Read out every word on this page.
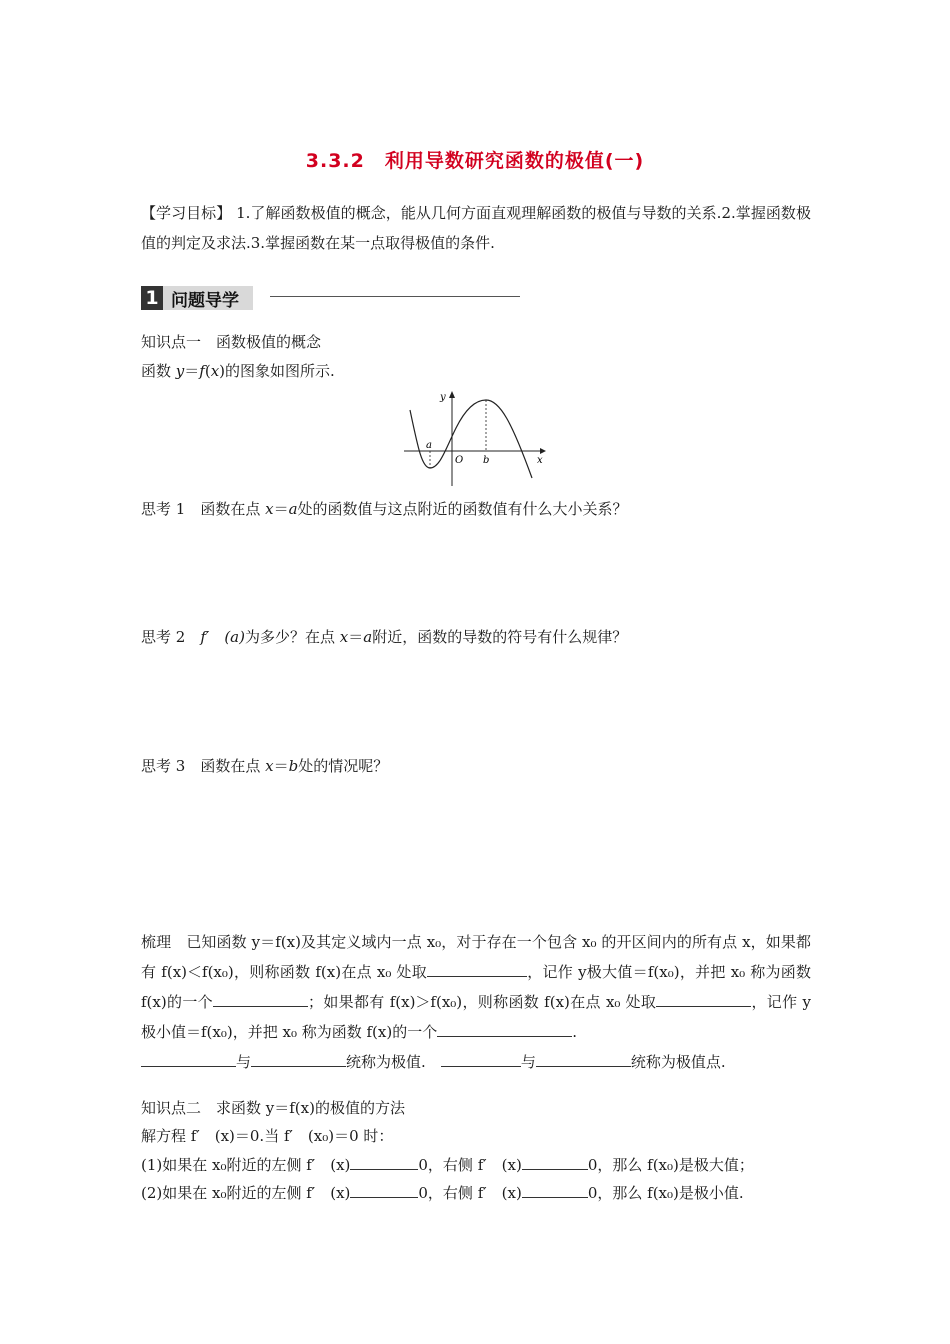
3.3.2　利用导数研究函数的极值(一)
【学习目标】 1.了解函数极值的概念，能从几何方面直观理解函数的极值与导数的关系.2.掌握函数极值的判定及求法.3.掌握函数在某一点取得极值的条件.
1 问题导学
知识点一　函数极值的概念
函数 y＝f(x)的图象如图所示.
y
x
a
O b
思考 1　 函数在点 x＝a处的函数值与这点附近的函数值有什么大小关系？
思考 2　 f′　 (a)为多少？在点 x＝a附近，函数的导数的符号有什么规律？
思考 3　 函数在点 x＝b处的情况呢？
梳理　 已知函数 y＝f(x)及其定义域内一点 x₀，对于存在一个包含 x₀ 的开区间内的所有点 x，如果都有 f(x)＜f(x₀)，则称函数 f(x)在点 x₀ 处取	，记作 y极大值＝f(x₀)，并把 x₀ 称为函数 f(x)的一个	；如果都有 f(x)＞f(x₀)，则称函数 f(x)在点 x₀ 处取	，记作 y极小值＝f(x₀)，并把 x₀ 称为函数 f(x)的一个	.
与	统称为极值.　	与	统称为极值点.
知识点二　求函数 y＝f(x)的极值的方法
解方程 f′　(x)＝0.当 f′　(x₀)＝0 时：
(1)如果在 x₀附近的左侧 f′　(x)	0，右侧 f′　(x)	0，那么 f(x₀)是极大值；
(2)如果在 x₀附近的左侧 f′　(x)	0，右侧 f′　(x)	0，那么 f(x₀)是极小值.
